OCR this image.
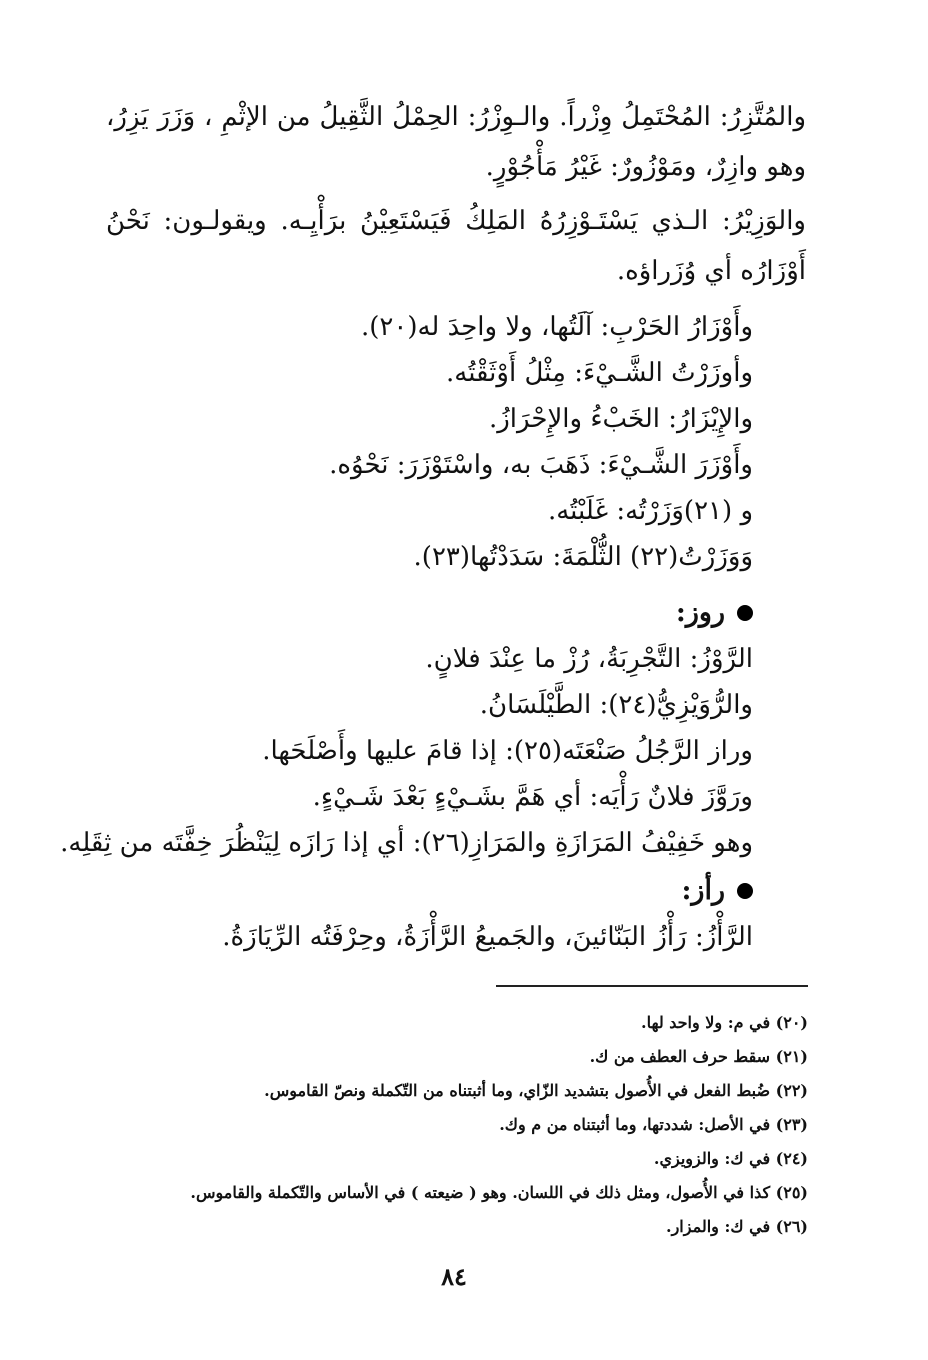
والمُتَّزِرُ: المُحْتَمِلُ وِزْراً. والـوِزْرُ: الحِمْلُ الثَّقِيلُ من الإثْمِ ، وَزَرَ يَزِرُ، وهو وازِرٌ، ومَوْزُورٌ: غَيْرُ مَأْجُوْرٍ.

والوَزِيْرُ: الـذي يَسْتَـوْزِرُهُ المَلِكُ فَيَسْتَعِيْنُ برَأْيِـه. ويقولـون: نَحْنُ أَوْزَارُه أي وُزَراؤه.

وأَوْزَارُ الحَرْبِ: آلَتُها، ولا واحِدَ له(٢٠).
وأوزَرْتُ الشَّـيْءَ: مِثْلُ أَوْثَقْتُه.
والإِيْزَارُ: الخَبْءُ والإِحْرَازُ.
وأَوْزَرَ الشَّـيْءَ: ذَهَبَ به، واسْتَوْزَرَ: نَحْوُه.
و (٢١)وَزَرْتُه: غَلَبْتُه.
وَوَزَرْتُ(٢٢) الثُّلْمَةَ: سَدَدْتُها(٢٣).
روز:
الرَّوْزُ: التَّجْرِبَةُ، رُزْ ما عِنْدَ فلانٍ.
والرُّوَيْزِيُّ(٢٤): الطَّيْلَسَانُ.
وراز الرَّجُلُ صَنْعَتَه(٢٥): إذا قامَ عليها وأَصْلَحَها.
ورَوَّزَ فلانٌ رَأْيَه: أي هَمَّ بشَـيْءٍ بَعْدَ شَـيْءٍ.
وهو خَفِيْفُ المَرَازَةِ والمَرَازِ(٢٦): أي إذا رَازَه لِيَنْظُرَ خِفَّتَه من ثِقَلِه.
رأز:
الرَّأْزُ: رَأْزُ البَنّائينَ، والجَميعُ الرَّأْزَةُ، وحِرْفَتُه الرِّيَازَةُ.
(٢٠) في م: ولا واحد لها.
(٢١) سقط حرف العطف من ك.
(٢٢) ضُبط الفعل في الأُصول بتشديد الزّاي، وما أثبتناه من التّكملة ونصّ القاموس.
(٢٣) في الأصل: شددتها، وما أثبتناه من م وك.
(٢٤) في ك: والزويزي.
(٢٥) كذا في الأُصول، ومثل ذلك في اللسان. وهو ( ضيعته ) في الأساس والتّكملة والقاموس.
(٢٦) في ك: والمزار.
٨٤
